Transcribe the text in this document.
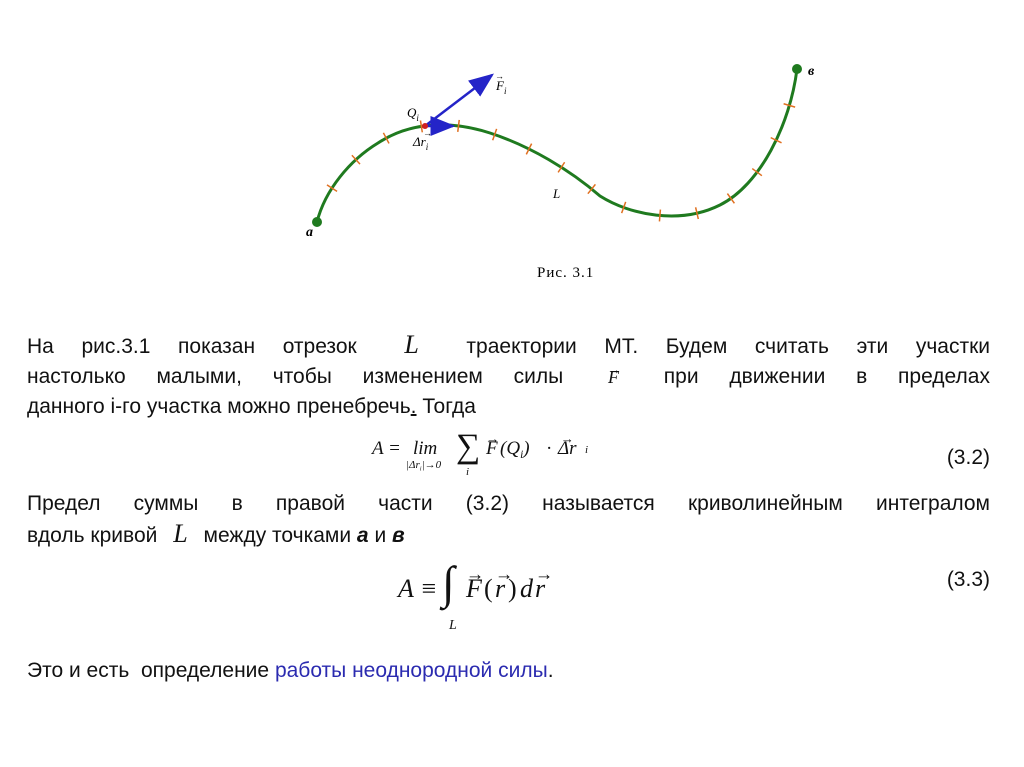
$F_i$
→
$Q_i$
$\Delta r_i$
→
L
a
в
Рис. 3.1
На рис.3.1 показан отрезок L траектории МТ. Будем считать эти участки
настолько малыми, чтобы изменением силы → F при движении в пределах
данного i-го участка можно пренебречь. Тогда
A = lim
$|\Delta r_i|\to 0$ ∑
i
→ F $(Q_i)$ · → Δr i	(3.2)
Предел суммы в правой части (3.2) называется криволинейным интегралом
вдоль кривой L между точками а и в
A ≡ ∫
L
→ F ( → r ) d → r	(3.3)
Это и есть  определение работы неоднородной силы.
